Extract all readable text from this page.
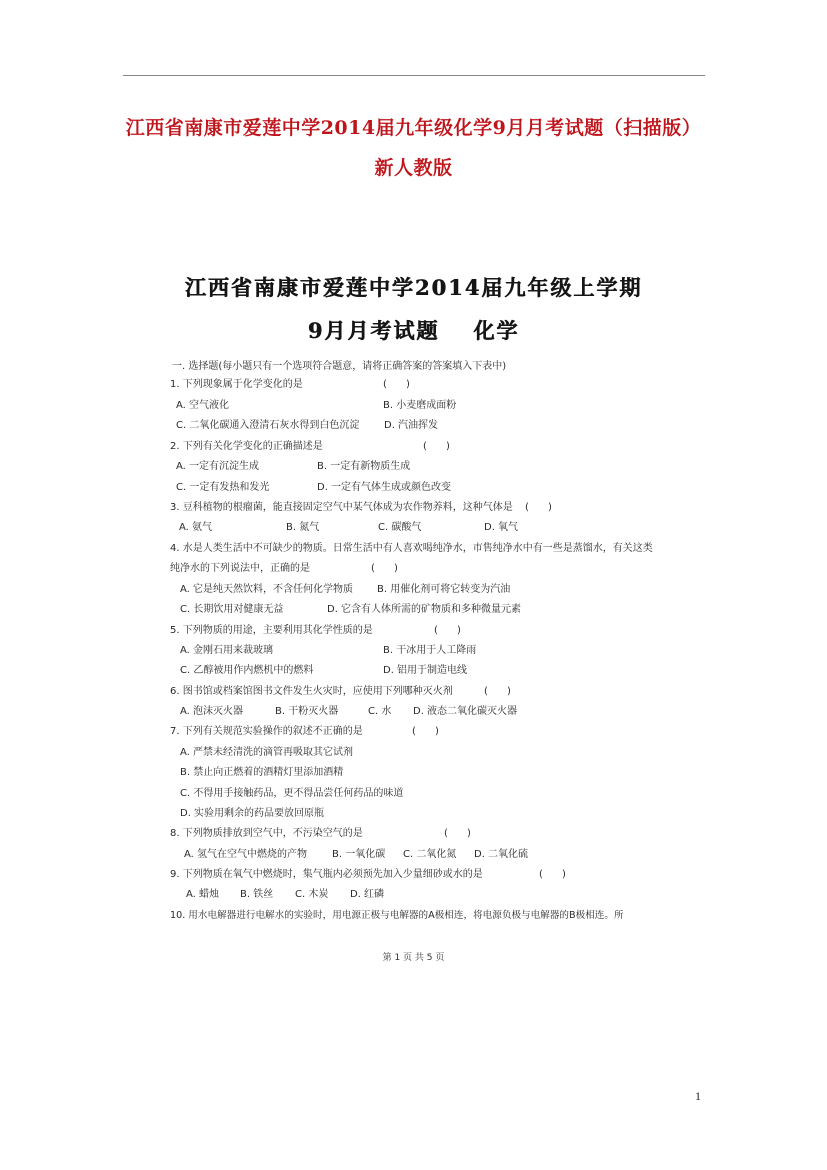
江西省南康市爱莲中学2014届九年级化学9月月考试题（扫描版）
新人教版
江西省南康市爱莲中学2014届九年级上学期
9月月考试题 化学
一. 选择题(每小题只有一个选项符合题意，请将正确答案的答案填入下表中)
1. 下列现象属于化学变化的是	(      )
A. 空气液化	B. 小麦磨成面粉
C. 二氧化碳通入澄清石灰水得到白色沉淀 D. 汽油挥发
2. 下列有关化学变化的正确描述是	(      )
A. 一定有沉淀生成	B. 一定有新物质生成
C. 一定有发热和发光	D. 一定有气体生成或颜色改变
3. 豆科植物的根瘤菌，能直接固定空气中某气体成为农作物养料，这种气体是 (      )
A. 氨气	B. 氮气	C. 碳酸气	D. 氧气
4. 水是人类生活中不可缺少的物质。日常生活中有人喜欢喝纯净水，市售纯净水中有一些是蒸馏水，有关这类
纯净水的下列说法中，正确的是	(      )
A. 它是纯天然饮料，不含任何化学物质 B. 用催化剂可将它转变为汽油
C. 长期饮用对健康无益	D. 它含有人体所需的矿物质和多种微量元素
5. 下列物质的用途，主要利用其化学性质的是	(      )
A. 金刚石用来裁玻璃	B. 干冰用于人工降雨
C. 乙醇被用作内燃机中的燃料	D. 铝用于制造电线
6. 图书馆或档案馆图书文件发生火灾时，应使用下列哪种灭火剂	(      )
A. 泡沫灭火器	B. 干粉灭火器	C. 水 D. 液态二氧化碳灭火器
7. 下列有关规范实验操作的叙述不正确的是	(      )
A. 严禁未经清洗的滴管再吸取其它试剂
B. 禁止向正燃着的酒精灯里添加酒精
C. 不得用手接触药品，更不得品尝任何药品的味道
D. 实验用剩余的药品要放回原瓶
8. 下列物质排放到空气中，不污染空气的是	(      )
A. 氢气在空气中燃烧的产物 B. 一氧化碳 C. 二氧化氮 D. 二氧化硫
9. 下列物质在氧气中燃烧时，集气瓶内必须预先加入少量细砂或水的是	(      )
A. 蜡烛 B. 铁丝 C. 木炭 D. 红磷
10. 用水电解器进行电解水的实验时，用电源正极与电解器的A极相连，将电源负极与电解器的B极相连。所
第 1 页 共 5 页
1
